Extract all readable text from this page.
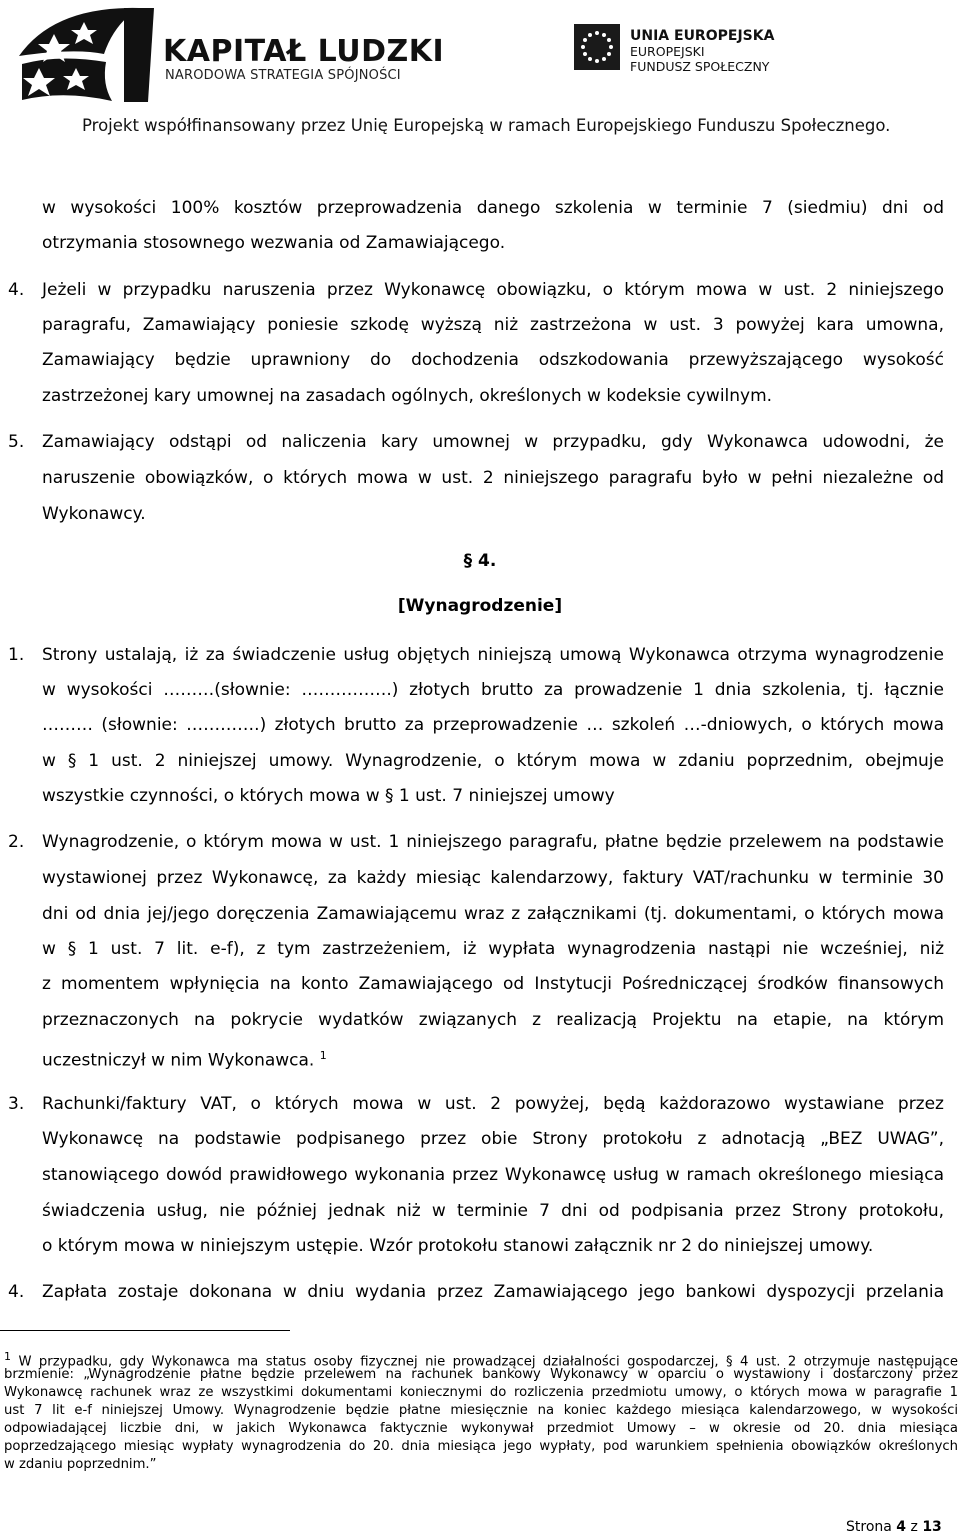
KAPITAŁ LUDZKI
NARODOWA STRATEGIA SPÓJNOŚCI
UNIA EUROPEJSKA
EUROPEJSKI
FUNDUSZ SPOŁECZNY
Projekt współfinansowany przez Unię Europejską w ramach Europejskiego Funduszu Społecznego.
w wysokości 100% kosztów przeprowadzenia danego szkolenia w terminie 7 (siedmiu) dni od
otrzymania stosownego wezwania od Zamawiającego.
4. Jeżeli w przypadku naruszenia przez Wykonawcę obowiązku, o którym mowa w ust. 2 niniejszego
paragrafu, Zamawiający poniesie szkodę wyższą niż zastrzeżona w ust. 3 powyżej kara umowna,
Zamawiający będzie uprawniony do dochodzenia odszkodowania przewyższającego wysokość
zastrzeżonej kary umownej na zasadach ogólnych, określonych w kodeksie cywilnym.
5. Zamawiający odstąpi od naliczenia kary umownej w przypadku, gdy Wykonawca udowodni, że
naruszenie obowiązków, o których mowa w ust. 2 niniejszego paragrafu było w pełni niezależne od
Wykonawcy.
§ 4.
[Wynagrodzenie]
1. Strony ustalają, iż za świadczenie usług objętych niniejszą umową Wykonawca otrzyma wynagrodzenie
w wysokości ………(słownie: …………….) złotych brutto za prowadzenie 1 dnia szkolenia, tj. łącznie
……… (słownie: ………….) złotych brutto za przeprowadzenie … szkoleń …-dniowych, o których mowa
w § 1 ust. 2 niniejszej umowy. Wynagrodzenie, o którym mowa w zdaniu poprzednim, obejmuje
wszystkie czynności, o których mowa w § 1 ust. 7 niniejszej umowy
2. Wynagrodzenie, o którym mowa w ust. 1 niniejszego paragrafu, płatne będzie przelewem na podstawie
wystawionej przez Wykonawcę, za każdy miesiąc kalendarzowy, faktury VAT/rachunku w terminie 30
dni od dnia jej/jego doręczenia Zamawiającemu wraz z załącznikami (tj. dokumentami, o których mowa
w § 1 ust. 7 lit. e-f), z tym zastrzeżeniem, iż wypłata wynagrodzenia nastąpi nie wcześniej, niż
z momentem wpłynięcia na konto Zamawiającego od Instytucji Pośredniczącej środków finansowych
przeznaczonych na pokrycie wydatków związanych z realizacją Projektu na etapie, na którym
uczestniczył w nim Wykonawca. $^1$
3. Rachunki/faktury VAT, o których mowa w ust. 2 powyżej, będą każdorazowo wystawiane przez
Wykonawcę na podstawie podpisanego przez obie Strony protokołu z adnotacją „BEZ UWAG”,
stanowiącego dowód prawidłowego wykonania przez Wykonawcę usług w ramach określonego miesiąca
świadczenia usług, nie później jednak niż w terminie 7 dni od podpisania przez Strony protokołu,
o którym mowa w niniejszym ustępie. Wzór protokołu stanowi załącznik nr 2 do niniejszej umowy.
4. Zapłata zostaje dokonana w dniu wydania przez Zamawiającego jego bankowi dyspozycji przelania
$^1$ W przypadku, gdy Wykonawca ma status osoby fizycznej nie prowadzącej działalności gospodarczej, § 4 ust. 2 otrzymuje następujące
brzmienie: „Wynagrodzenie płatne będzie przelewem na rachunek bankowy Wykonawcy w oparciu o wystawiony i dostarczony przez
Wykonawcę rachunek wraz ze wszystkimi dokumentami koniecznymi do rozliczenia przedmiotu umowy, o których mowa w paragrafie 1
ust 7 lit e-f niniejszej Umowy. Wynagrodzenie będzie płatne miesięcznie na koniec każdego miesiąca kalendarzowego, w wysokości
odpowiadającej liczbie dni, w jakich Wykonawca faktycznie wykonywał przedmiot Umowy – w okresie od 20. dnia miesiąca
poprzedzającego miesiąc wypłaty wynagrodzenia do 20. dnia miesiąca jego wypłaty, pod warunkiem spełnienia obowiązków określonych
w zdaniu poprzednim.”
Strona 4 z 13
